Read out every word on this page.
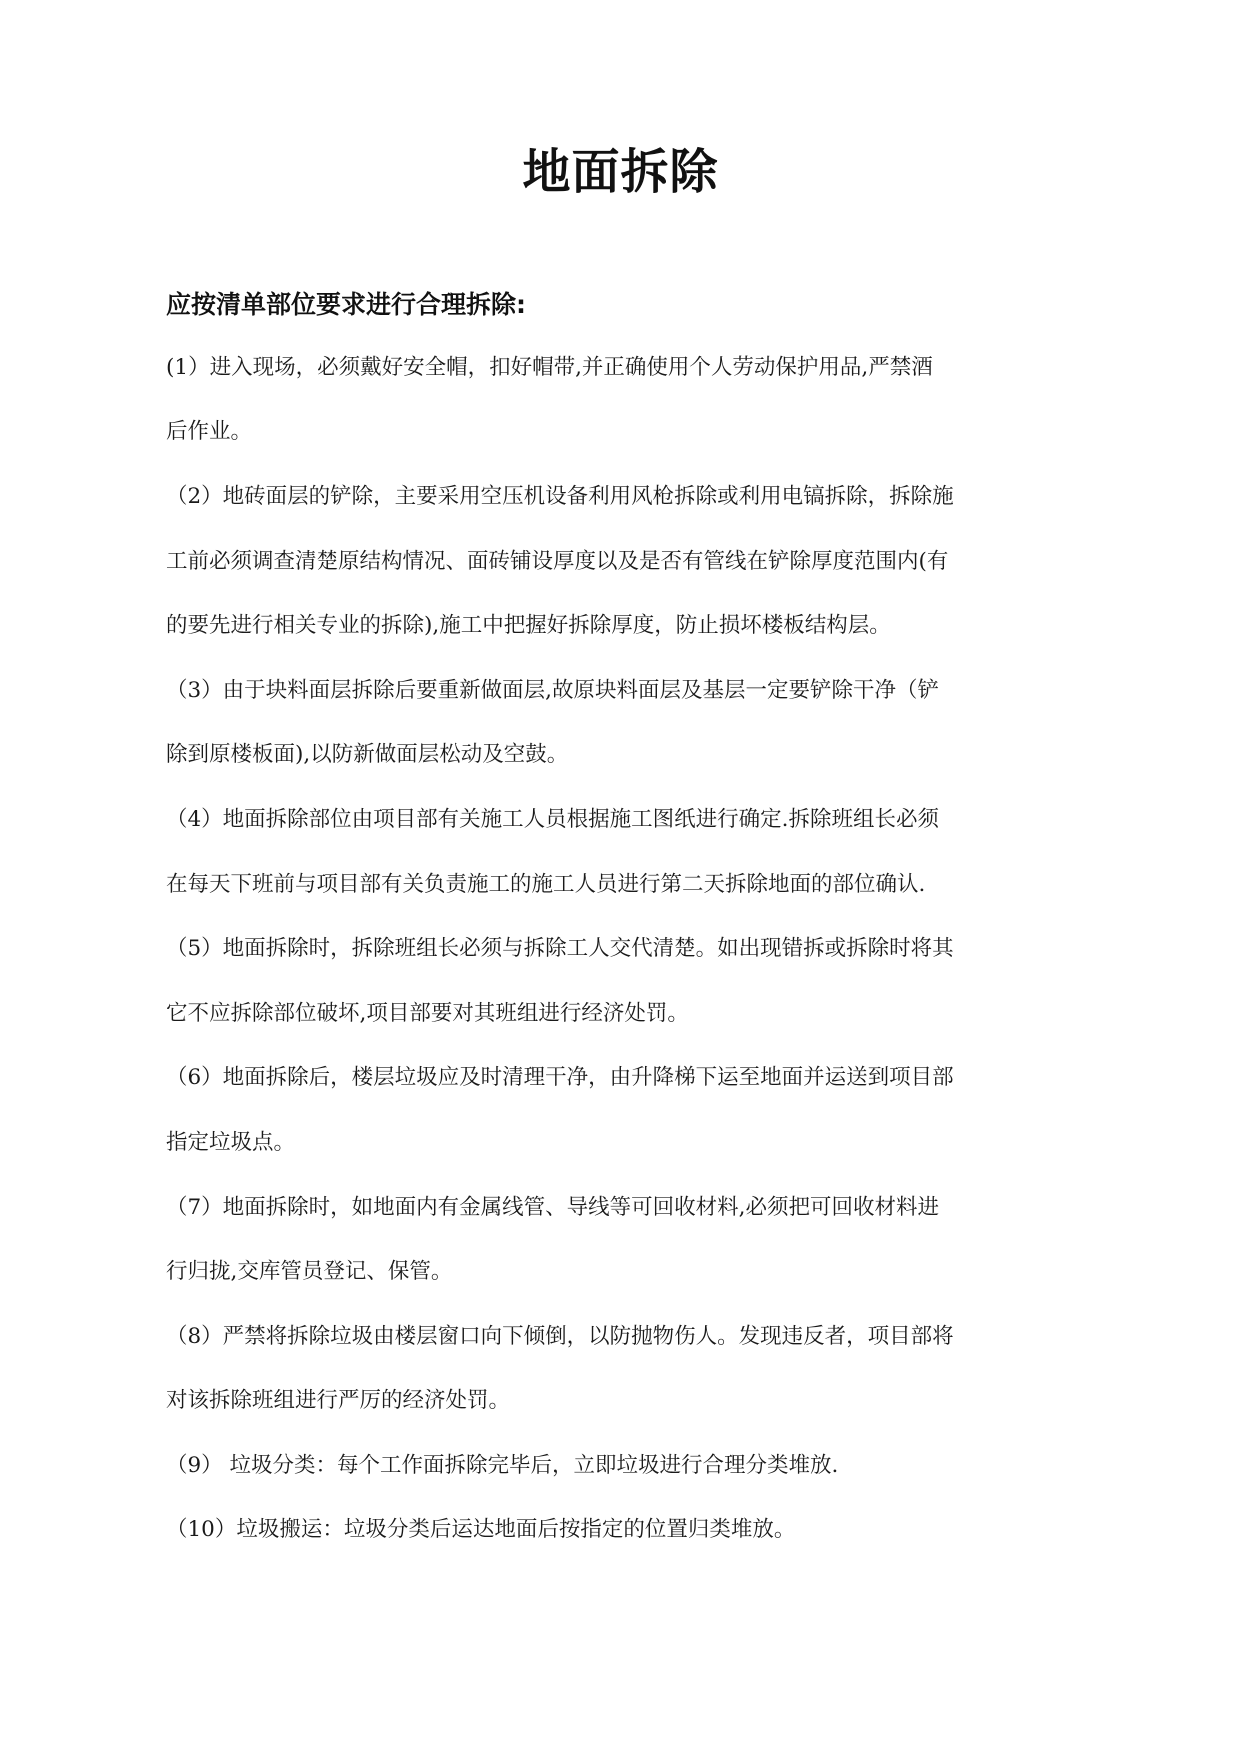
地面拆除
应按清单部位要求进行合理拆除:

(1）进入现场，必须戴好安全帽，扣好帽带,并正确使用个人劳动保护用品,严禁酒

后作业。

（2）地砖面层的铲除，主要采用空压机设备利用风枪拆除或利用电镐拆除，拆除施

工前必须调查清楚原结构情况、面砖铺设厚度以及是否有管线在铲除厚度范围内(有

的要先进行相关专业的拆除),施工中把握好拆除厚度，防止损坏楼板结构层。

（3）由于块料面层拆除后要重新做面层,故原块料面层及基层一定要铲除干净（铲

除到原楼板面),以防新做面层松动及空鼓。

（4）地面拆除部位由项目部有关施工人员根据施工图纸进行确定.拆除班组长必须

在每天下班前与项目部有关负责施工的施工人员进行第二天拆除地面的部位确认.

（5）地面拆除时，拆除班组长必须与拆除工人交代清楚。如出现错拆或拆除时将其

它不应拆除部位破坏,项目部要对其班组进行经济处罚。

（6）地面拆除后，楼层垃圾应及时清理干净，由升降梯下运至地面并运送到项目部

指定垃圾点。

（7）地面拆除时，如地面内有金属线管、导线等可回收材料,必须把可回收材料进

行归拢,交库管员登记、保管。

（8）严禁将拆除垃圾由楼层窗口向下倾倒，以防抛物伤人。发现违反者，项目部将

对该拆除班组进行严厉的经济处罚。

（9） 垃圾分类：每个工作面拆除完毕后，立即垃圾进行合理分类堆放.

（10）垃圾搬运：垃圾分类后运达地面后按指定的位置归类堆放。
